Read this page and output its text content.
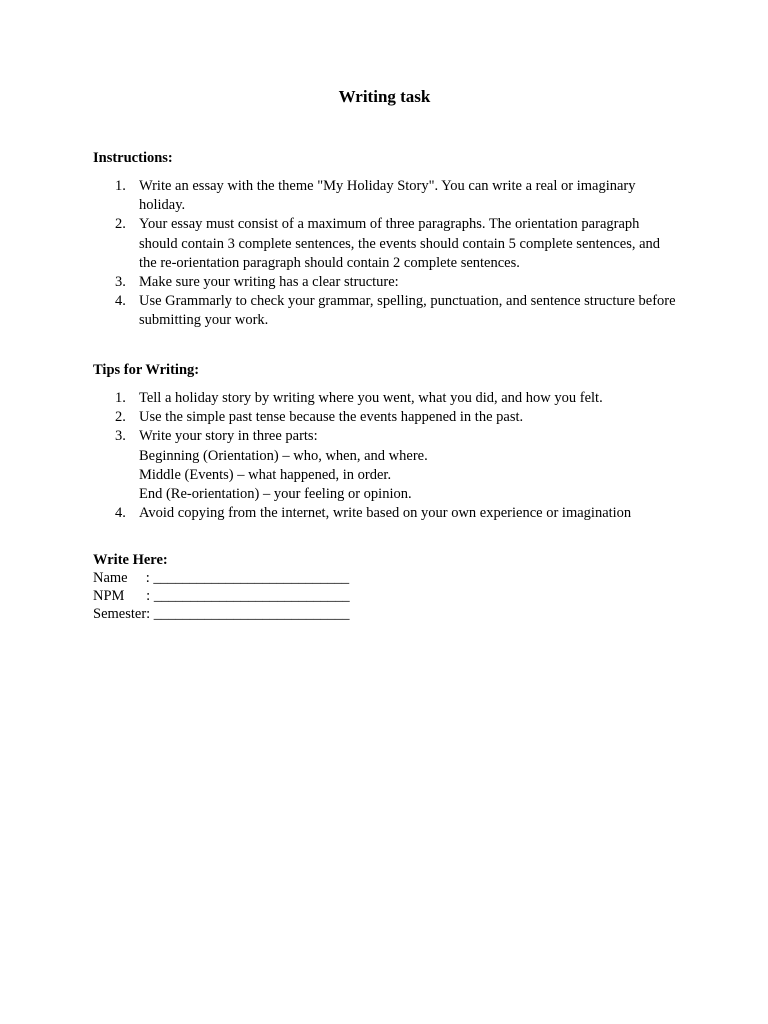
Writing task

Instructions:

1. Write an essay with the theme "My Holiday Story". You can write a real or imaginary holiday.
2. Your essay must consist of a maximum of three paragraphs. The orientation paragraph should contain 3 complete sentences, the events should contain 5 complete sentences, and the re-orientation paragraph should contain 2 complete sentences.
3. Make sure your writing has a clear structure:
4. Use Grammarly to check your grammar, spelling, punctuation, and sentence structure before submitting your work.

Tips for Writing:

1. Tell a holiday story by writing where you went, what you did, and how you felt.
2. Use the simple past tense because the events happened in the past.
3. Write your story in three parts:
Beginning (Orientation) – who, when, and where.
Middle (Events) – what happened, in order.
End (Re-orientation) – your feeling or opinion.
4. Avoid copying from the internet, write based on your own experience or imagination

Write Here:

Name     : ___________________________

NPM      : ___________________________

Semester: ___________________________
